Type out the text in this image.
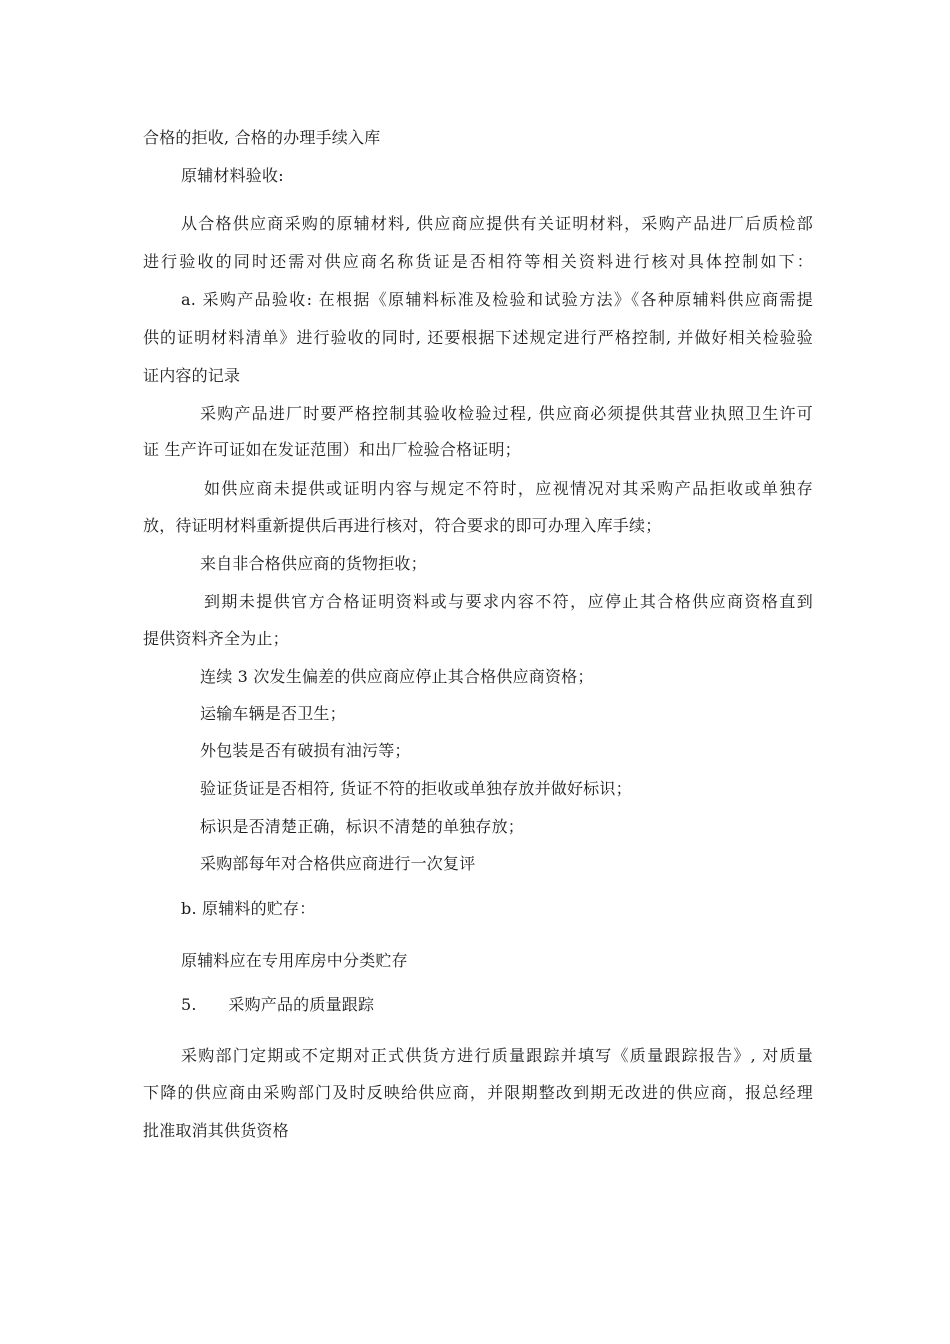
合格的拒收, 合格的办理手续入库
原辅材料验收:
从合格供应商采购的原辅材料, 供应商应提供有关证明材料，采购产品进厂后质检部
进行验收的同时还需对供应商名称货证是否相符等相关资料进行核对具体控制如下：
a. 采购产品验收: 在根据《原辅料标准及检验和试验方法》《各种原辅料供应商需提
供的证明材料清单》进行验收的同时, 还要根据下述规定进行严格控制, 并做好相关检验验
证内容的记录
采购产品进厂时要严格控制其验收检验过程, 供应商必须提供其营业执照卫生许可
证 生产许可证如在发证范围）和出厂检验合格证明；
如供应商未提供或证明内容与规定不符时，应视情况对其采购产品拒收或单独存
放，待证明材料重新提供后再进行核对，符合要求的即可办理入库手续；
来自非合格供应商的货物拒收；
到期未提供官方合格证明资料或与要求内容不符，应停止其合格供应商资格直到
提供资料齐全为止；
连续 3 次发生偏差的供应商应停止其合格供应商资格；
运输车辆是否卫生；
外包装是否有破损有油污等；
验证货证是否相符, 货证不符的拒收或单独存放并做好标识；
标识是否清楚正确，标识不清楚的单独存放；
采购部每年对合格供应商进行一次复评
b. 原辅料的贮存：
原辅料应在专用库房中分类贮存
5.      采购产品的质量跟踪
采购部门定期或不定期对正式供货方进行质量跟踪并填写《质量跟踪报告》, 对质量
下降的供应商由采购部门及时反映给供应商，并限期整改到期无改进的供应商，报总经理
批准取消其供货资格
